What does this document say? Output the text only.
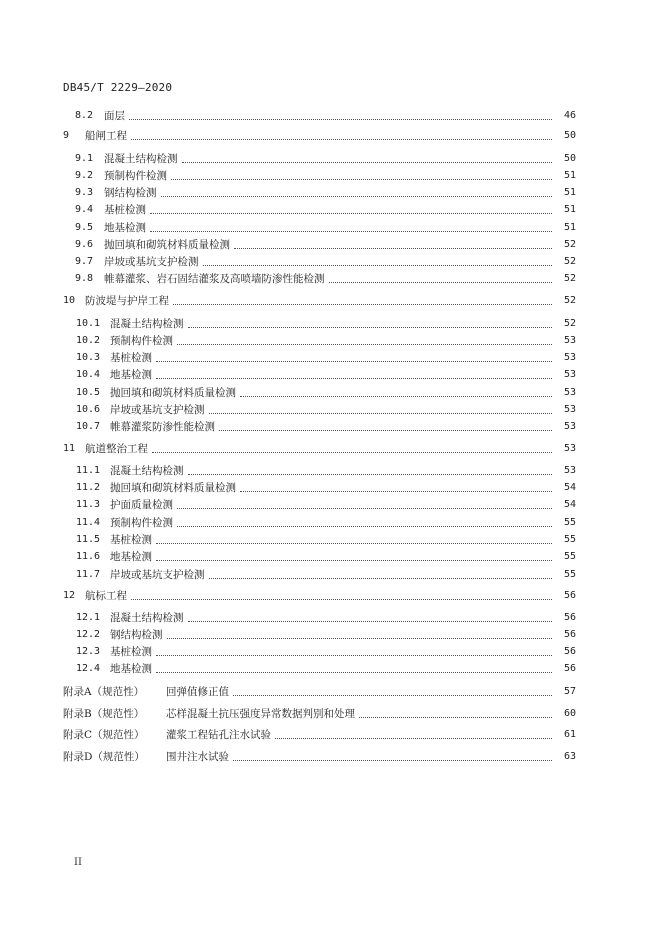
DB45/T 2229—2020
8.2 面层	46
9 船闸工程	50
9.1 混凝土结构检测	50
9.2 预制构件检测	51
9.3 钢结构检测	51
9.4 基桩检测	51
9.5 地基检测	51
9.6 抛回填和砌筑材料质量检测	52
9.7 岸坡或基坑支护检测	52
9.8 帷幕灌浆、岩石固结灌浆及高喷墙防渗性能检测	52
10 防波堤与护岸工程	52
10.1 混凝土结构检测	52
10.2 预制构件检测	53
10.3 基桩检测	53
10.4 地基检测	53
10.5 抛回填和砌筑材料质量检测	53
10.6 岸坡或基坑支护检测	53
10.7 帷幕灌浆防渗性能检测	53
11 航道整治工程	53
11.1 混凝土结构检测	53
11.2 抛回填和砌筑材料质量检测	54
11.3 护面质量检测	54
11.4 预制构件检测	55
11.5 基桩检测	55
11.6 地基检测	55
11.7 岸坡或基坑支护检测	55
12 航标工程	56
12.1 混凝土结构检测	56
12.2 钢结构检测	56
12.3 基桩检测	56
12.4 地基检测	56
附录A（规范性） 回弹值修正值	57
附录B（规范性） 芯样混凝土抗压强度异常数据判别和处理	60
附录C（规范性） 灌浆工程钻孔注水试验	61
附录D（规范性） 围井注水试验	63
II
